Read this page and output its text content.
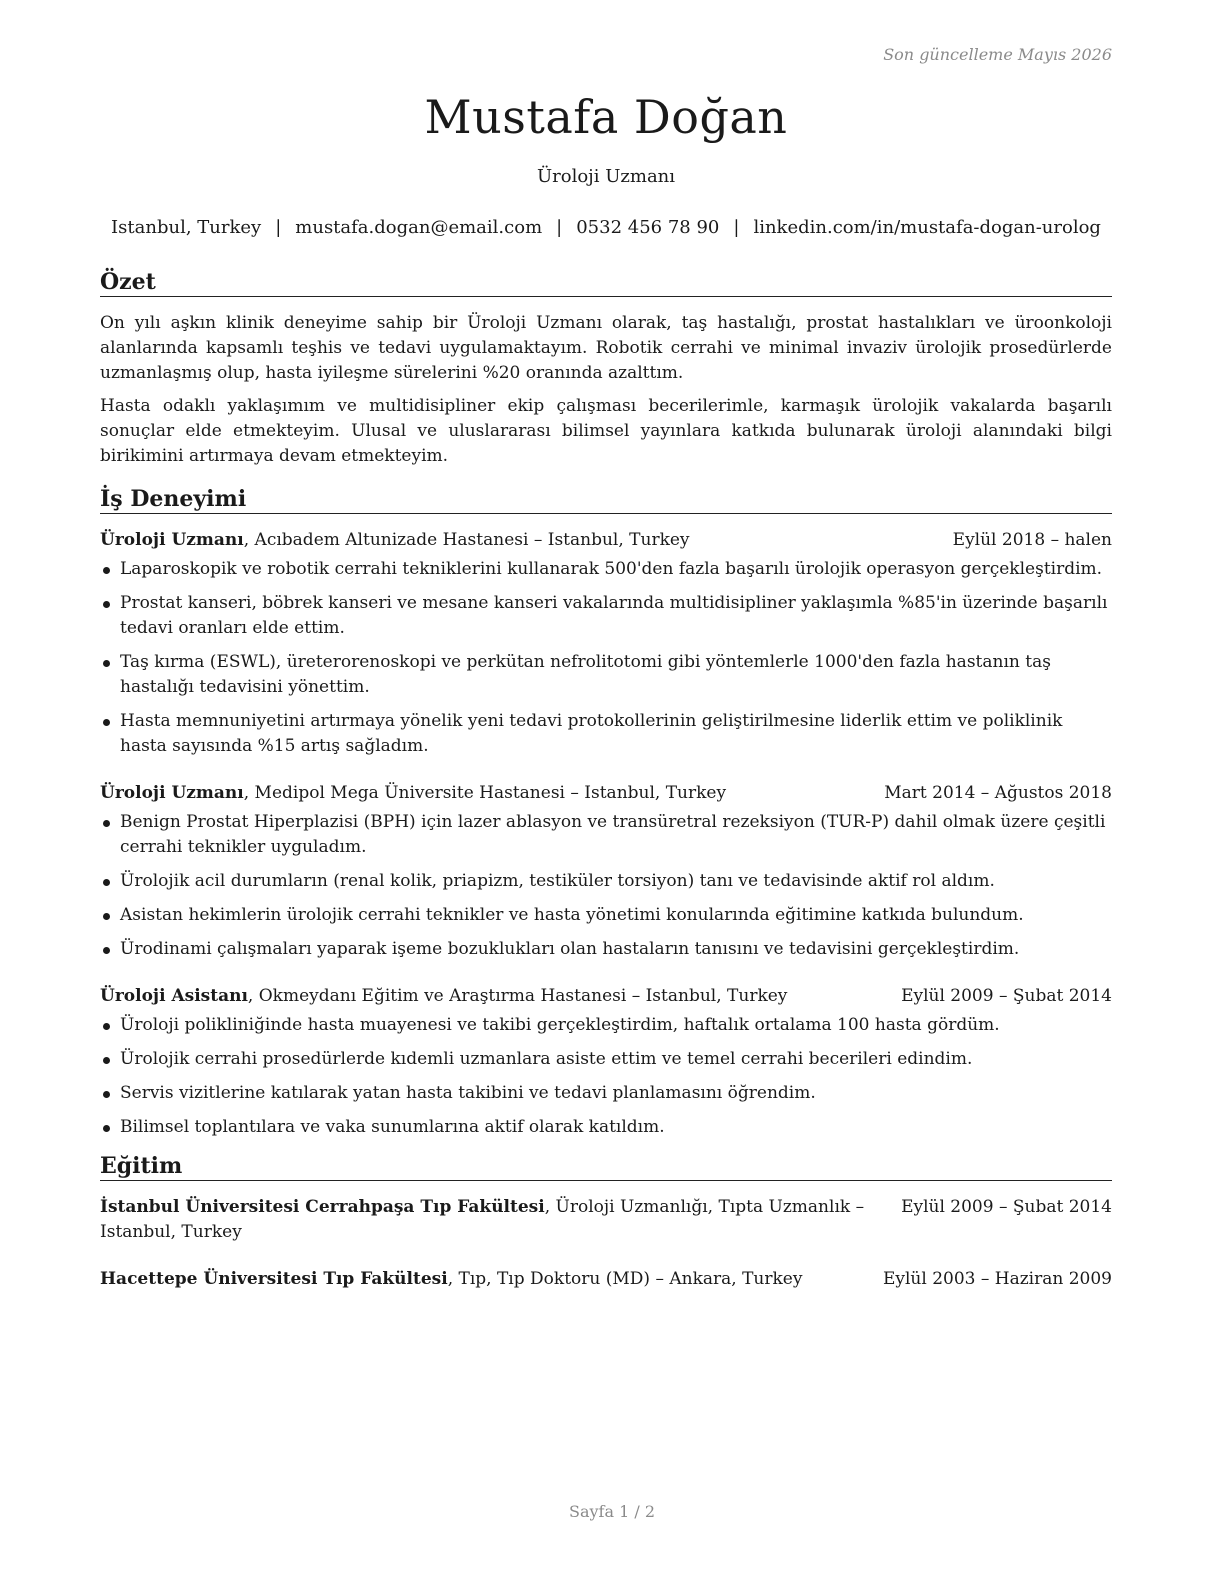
Son güncelleme Mayıs 2026
Mustafa Doğan
Üroloji Uzmanı
Istanbul, Turkey | mustafa.dogan@email.com | 0532 456 78 90 | linkedin.com/in/mustafa-dogan-urolog
Özet

On yılı aşkın klinik deneyime sahip bir Üroloji Uzmanı olarak, taş hastalığı, prostat hastalıkları ve üroonkoloji alanlarında kapsamlı teşhis ve tedavi uygulamaktayım. Robotik cerrahi ve minimal invaziv ürolojik prosedürlerde uzmanlaşmış olup, hasta iyileşme sürelerini %20 oranında azalttım.

Hasta odaklı yaklaşımım ve multidisipliner ekip çalışması becerilerimle, karmaşık ürolojik vakalarda başarılı sonuçlar elde etmekteyim. Ulusal ve uluslararası bilimsel yayınlara katkıda bulunarak üroloji alanındaki bilgi birikimini artırmaya devam etmekteyim.

İş Deneyimi
Üroloji Uzmanı, Acıbadem Altunizade Hastanesi – Istanbul, Turkey	Eylül 2018 – halen
Laparoskopik ve robotik cerrahi tekniklerini kullanarak 500'den fazla başarılı ürolojik operasyon gerçekleştirdim.
Prostat kanseri, böbrek kanseri ve mesane kanseri vakalarında multidisipliner yaklaşımla %85'in üzerinde başarılı tedavi oranları elde ettim.
Taş kırma (ESWL), üreterorenoskopi ve perkütan nefrolitotomi gibi yöntemlerle 1000'den fazla hastanın taş hastalığı tedavisini yönettim.
Hasta memnuniyetini artırmaya yönelik yeni tedavi protokollerinin geliştirilmesine liderlik ettim ve poliklinik hasta sayısında %15 artış sağladım.
Üroloji Uzmanı, Medipol Mega Üniversite Hastanesi – Istanbul, Turkey	Mart 2014 – Ağustos 2018
Benign Prostat Hiperplazisi (BPH) için lazer ablasyon ve transüretral rezeksiyon (TUR-P) dahil olmak üzere çeşitli cerrahi teknikler uyguladım.
Ürolojik acil durumların (renal kolik, priapizm, testiküler torsiyon) tanı ve tedavisinde aktif rol aldım.
Asistan hekimlerin ürolojik cerrahi teknikler ve hasta yönetimi konularında eğitimine katkıda bulundum.
Ürodinami çalışmaları yaparak işeme bozuklukları olan hastaların tanısını ve tedavisini gerçekleştirdim.
Üroloji Asistanı, Okmeydanı Eğitim ve Araştırma Hastanesi – Istanbul, Turkey	Eylül 2009 – Şubat 2014
Üroloji polikliniğinde hasta muayenesi ve takibi gerçekleştirdim, haftalık ortalama 100 hasta gördüm.
Ürolojik cerrahi prosedürlerde kıdemli uzmanlara asiste ettim ve temel cerrahi becerileri edindim.
Servis vizitlerine katılarak yatan hasta takibini ve tedavi planlamasını öğrendim.
Bilimsel toplantılara ve vaka sunumlarına aktif olarak katıldım.
Eğitim
İstanbul Üniversitesi Cerrahpaşa Tıp Fakültesi, Üroloji Uzmanlığı, Tıpta Uzmanlık – Istanbul, Turkey
Eylül 2009 – Şubat 2014
Hacettepe Üniversitesi Tıp Fakültesi, Tıp, Tıp Doktoru (MD) – Ankara, Turkey	Eylül 2003 – Haziran 2009
Sayfa 1 / 2
